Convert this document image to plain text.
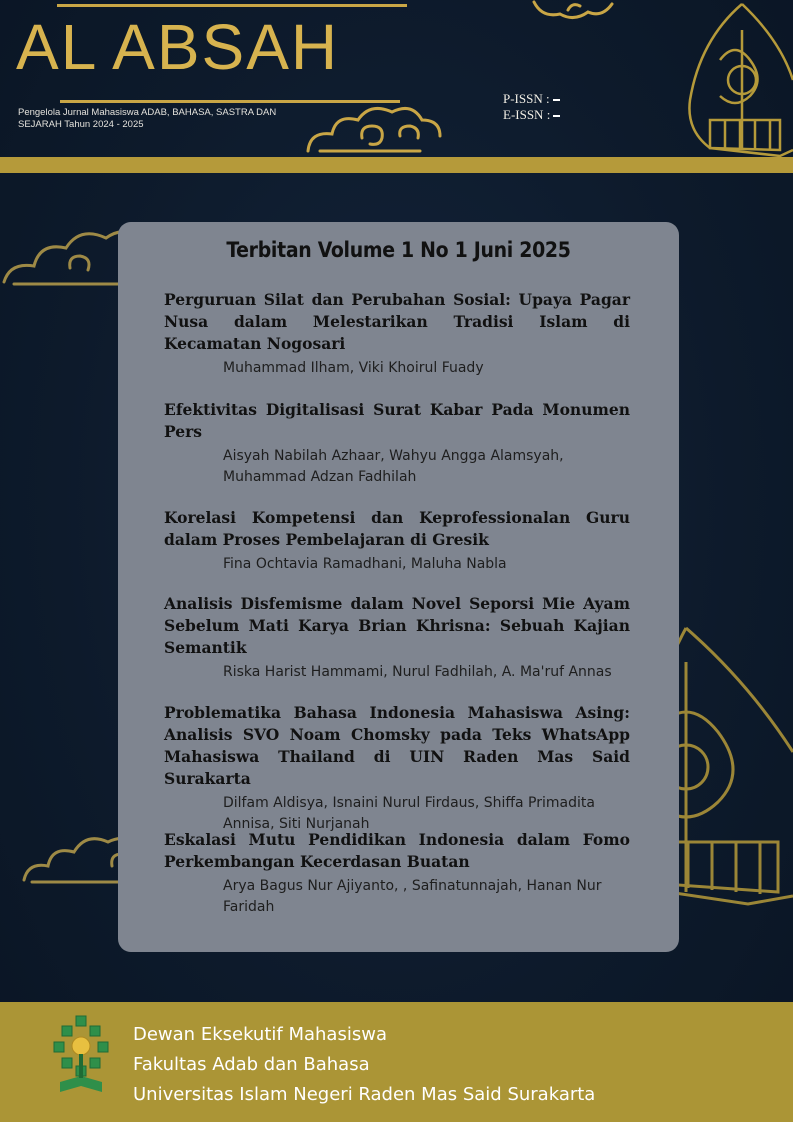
AL ABSAH
Pengelola Jurnal Mahasiswa ADAB, BAHASA, SASTRA DAN SEJARAH Tahun 2024 - 2025
P-ISSN :
E-ISSN :
Terbitan Volume 1 No 1 Juni 2025
Perguruan Silat dan Perubahan Sosial: Upaya Pagar Nusa dalam Melestarikan Tradisi Islam di Kecamatan Nogosari
Muhammad Ilham, Viki Khoirul Fuady
Efektivitas Digitalisasi Surat Kabar Pada Monumen Pers
Aisyah Nabilah Azhaar, Wahyu Angga Alamsyah, Muhammad Adzan Fadhilah
Korelasi Kompetensi dan Keprofessionalan Guru dalam Proses Pembelajaran di Gresik
Fina Ochtavia Ramadhani, Maluha Nabla
Analisis Disfemisme dalam Novel Seporsi Mie Ayam Sebelum Mati Karya Brian Khrisna: Sebuah Kajian Semantik
Riska Harist Hammami, Nurul Fadhilah, A. Ma'ruf Annas
Problematika Bahasa Indonesia Mahasiswa Asing: Analisis SVO Noam Chomsky pada Teks WhatsApp Mahasiswa Thailand di UIN Raden Mas Said Surakarta
Dilfam Aldisya, Isnaini Nurul Firdaus, Shiffa Primadita Annisa, Siti Nurjanah
Eskalasi Mutu Pendidikan Indonesia dalam Fomo Perkembangan Kecerdasan Buatan
Arya Bagus Nur Ajiyanto, , Safinatunnajah, Hanan Nur Faridah
Dewan Eksekutif Mahasiswa
Fakultas Adab dan Bahasa
Universitas Islam Negeri Raden Mas Said Surakarta
